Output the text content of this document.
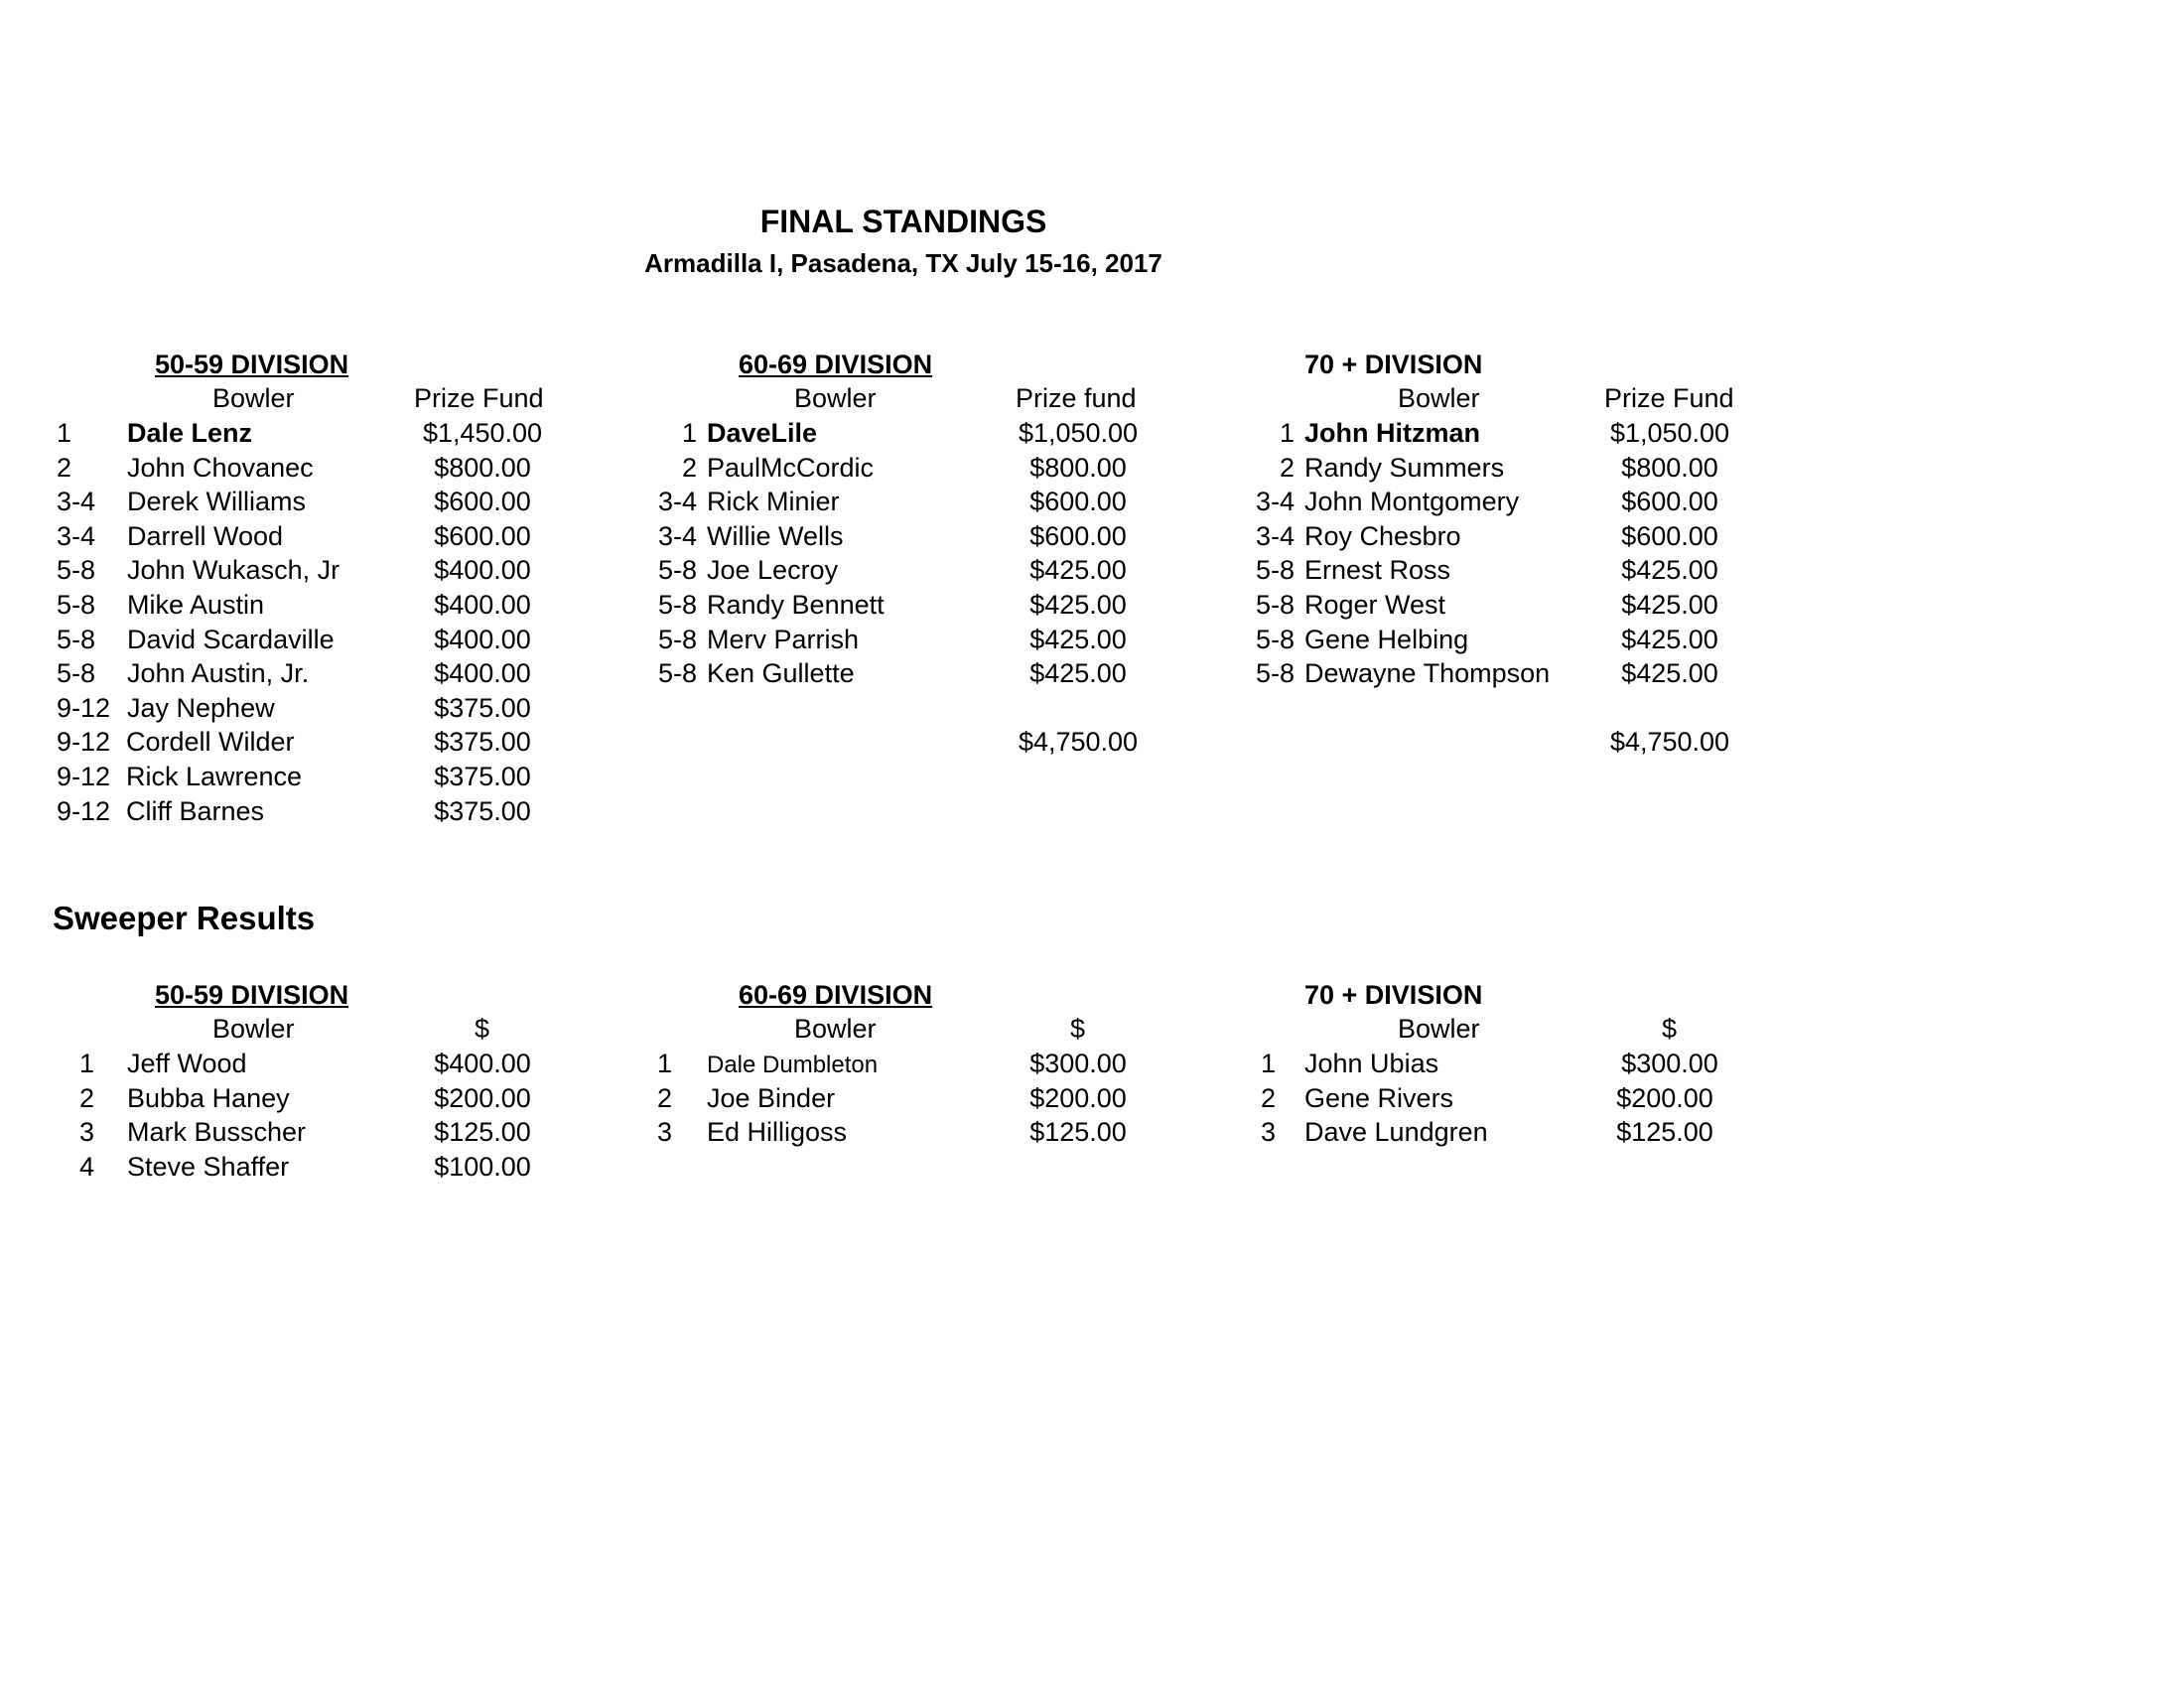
FINAL STANDINGS
Armadilla I, Pasadena, TX July 15-16, 2017
50-59 DIVISION
Bowler	Prize Fund
1 Dale Lenz	$1,450.00
2 John Chovanec	$800.00
3-4 Derek Williams	$600.00
3-4 Darrell Wood	$600.00
5-8 John Wukasch, Jr	$400.00
5-8 Mike Austin	$400.00
5-8 David Scardaville	$400.00
5-8 John Austin, Jr.	$400.00
9-12 Jay Nephew	$375.00
9-12 Cordell Wilder	$375.00
9-12 Rick Lawrence	$375.00
9-12 Cliff Barnes	$375.00
60-69 DIVISION
Bowler	Prize fund
1 DaveLile	$1,050.00
2 PaulMcCordic	$800.00
3-4 Rick Minier	$600.00
3-4 Willie Wells	$600.00
5-8 Joe Lecroy	$425.00
5-8 Randy Bennett	$425.00
5-8 Merv Parrish	$425.00
5-8 Ken Gullette	$425.00
$4,750.00
70 + DIVISION
Bowler	Prize Fund
1 John Hitzman	$1,050.00
2 Randy Summers	$800.00
3-4 John Montgomery	$600.00
3-4 Roy Chesbro	$600.00
5-8 Ernest Ross	$425.00
5-8 Roger West	$425.00
5-8 Gene Helbing	$425.00
5-8 Dewayne Thompson	$425.00
$4,750.00
Sweeper Results
50-59 DIVISION
Bowler	$
1 Jeff Wood	$400.00
2 Bubba Haney	$200.00
3 Mark Busscher	$125.00
4 Steve Shaffer	$100.00
60-69 DIVISION
Bowler	$
1 Dale Dumbleton	$300.00
2 Joe Binder	$200.00
3 Ed Hilligoss	$125.00
70 + DIVISION
Bowler	$
1 John Ubias	$300.00
2 Gene Rivers	$200.00
3 Dave Lundgren	$125.00
